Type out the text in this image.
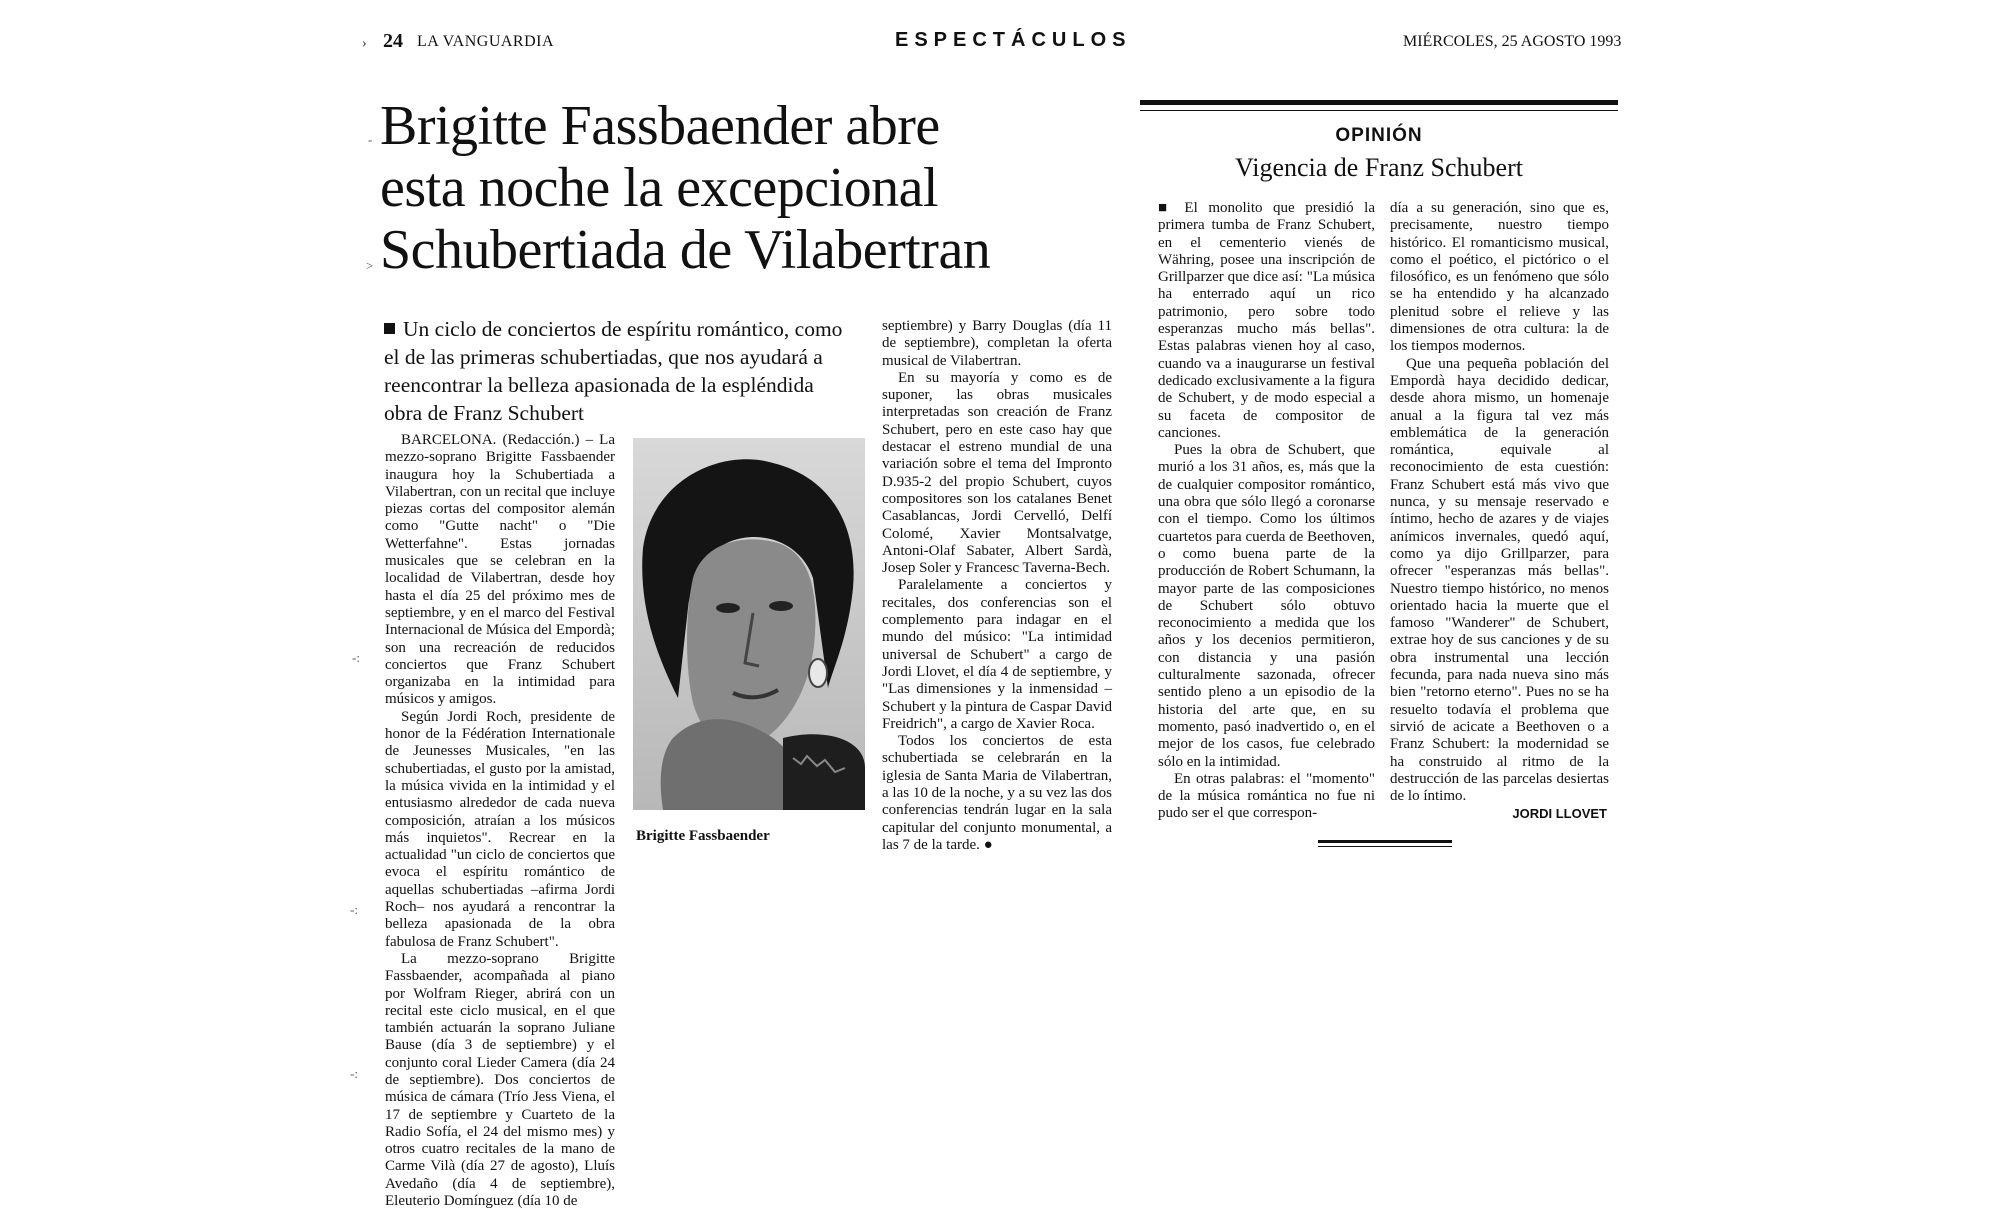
› 24 LA VANGUARDIA	ESPECTÁCULOS	MIÉRCOLES, 25 AGOSTO 1993
Brigitte Fassbaender abre
esta noche la excepcional
Schubertiada de Vilabertran
Un ciclo de conciertos de espíritu romántico, como el de las primeras schubertiadas, que nos ayudará a reencontrar la belleza apasionada de la espléndida obra de Franz Schubert

BARCELONA. (Redacción.) – La mezzo-soprano Brigitte Fassbaender inaugura hoy la Schubertiada a Vilabertran, con un recital que incluye piezas cortas del compositor alemán como "Gutte nacht" o "Die Wetterfahne". Estas jornadas musicales que se celebran en la localidad de Vilabertran, desde hoy hasta el día 25 del próximo mes de septiembre, y en el marco del Festival Internacional de Música del Empordà; son una recreación de reducidos conciertos que Franz Schubert organizaba en la intimidad para músicos y amigos.

Según Jordi Roch, presidente de honor de la Fédération Internationale de Jeunesses Musicales, "en las schubertiadas, el gusto por la amistad, la música vivida en la intimidad y el entusiasmo alrededor de cada nueva composición, atraían a los músicos más inquietos". Recrear en la actualidad "un ciclo de conciertos que evoca el espíritu romántico de aquellas schubertiadas –afirma Jordi Roch– nos ayudará a rencontrar la belleza apasionada de la obra fabulosa de Franz Schubert".

La mezzo-soprano Brigitte Fassbaender, acompañada al piano por Wolfram Rieger, abrirá con un recital este ciclo musical, en el que también actuarán la soprano Juliane Bause (día 3 de septiembre) y el conjunto coral Lieder Camera (día 24 de septiembre). Dos conciertos de música de cámara (Trío Jess Viena, el 17 de septiembre y Cuarteto de la Radio Sofía, el 24 del mismo mes) y otros cuatro recitales de la mano de Carme Vilà (día 27 de agosto), Lluís Avedaño (día 4 de septiembre), Eleuterio Domínguez (día 10 de

Brigitte Fassbaender

septiembre) y Barry Douglas (día 11 de septiembre), completan la oferta musical de Vilabertran.

En su mayoría y como es de suponer, las obras musicales interpretadas son creación de Franz Schubert, pero en este caso hay que destacar el estreno mundial de una variación sobre el tema del Impronto D.935-2 del propio Schubert, cuyos compositores son los catalanes Benet Casablancas, Jordi Cervelló, Delfí Colomé, Xavier Montsalvatge, Antoni-Olaf Sabater, Albert Sardà, Josep Soler y Francesc Taverna-Bech.

Paralelamente a conciertos y recitales, dos conferencias son el complemento para indagar en el mundo del músico: "La intimidad universal de Schubert" a cargo de Jordi Llovet, el día 4 de septiembre, y "Las dimensiones y la inmensidad –Schubert y la pintura de Caspar David Freidrich", a cargo de Xavier Roca.

Todos los conciertos de esta schubertiada se celebrarán en la iglesia de Santa Maria de Vilabertran, a las 10 de la noche, y a su vez las dos conferencias tendrán lugar en la sala capitular del conjunto monumental, a las 7 de la tarde. ●

OPINIÓN
Vigencia de Franz Schubert

■ El monolito que presidió la primera tumba de Franz Schubert, en el cementerio vienés de Währing, posee una inscripción de Grillparzer que dice así: "La música ha enterrado aquí un rico patrimonio, pero sobre todo esperanzas mucho más bellas". Estas palabras vienen hoy al caso, cuando va a inaugurarse un festival dedicado exclusivamente a la figura de Schubert, y de modo especial a su faceta de compositor de canciones.

Pues la obra de Schubert, que murió a los 31 años, es, más que la de cualquier compositor romántico, una obra que sólo llegó a coronarse con el tiempo. Como los últimos cuartetos para cuerda de Beethoven, o como buena parte de la producción de Robert Schumann, la mayor parte de las composiciones de Schubert sólo obtuvo reconocimiento a medida que los años y los decenios permitieron, con distancia y una pasión culturalmente sazonada, ofrecer sentido pleno a un episodio de la historia del arte que, en su momento, pasó inadvertido o, en el mejor de los casos, fue celebrado sólo en la intimidad.

En otras palabras: el "momento" de la música romántica no fue ni pudo ser el que correspon-

día a su generación, sino que es, precisamente, nuestro tiempo histórico. El romanticismo musical, como el poético, el pictórico o el filosófico, es un fenómeno que sólo se ha entendido y ha alcanzado plenitud sobre el relieve y las dimensiones de otra cultura: la de los tiempos modernos.

Que una pequeña población del Empordà haya decidido dedicar, desde ahora mismo, un homenaje anual a la figura tal vez más emblemática de la generación romántica, equivale al reconocimiento de esta cuestión: Franz Schubert está más vivo que nunca, y su mensaje reservado e íntimo, hecho de azares y de viajes anímicos invernales, quedó aquí, como ya dijo Grillparzer, para ofrecer "esperanzas más bellas". Nuestro tiempo histórico, no menos orientado hacia la muerte que el famoso "Wanderer" de Schubert, extrae hoy de sus canciones y de su obra instrumental una lección fecunda, para nada nueva sino más bien "retorno eterno". Pues no se ha resuelto todavía el problema que sirvió de acicate a Beethoven o a Franz Schubert: la modernidad se ha construido al ritmo de la destrucción de las parcelas desiertas de lo íntimo.

JORDI LLOVET
-
>
-:
-:
-:
